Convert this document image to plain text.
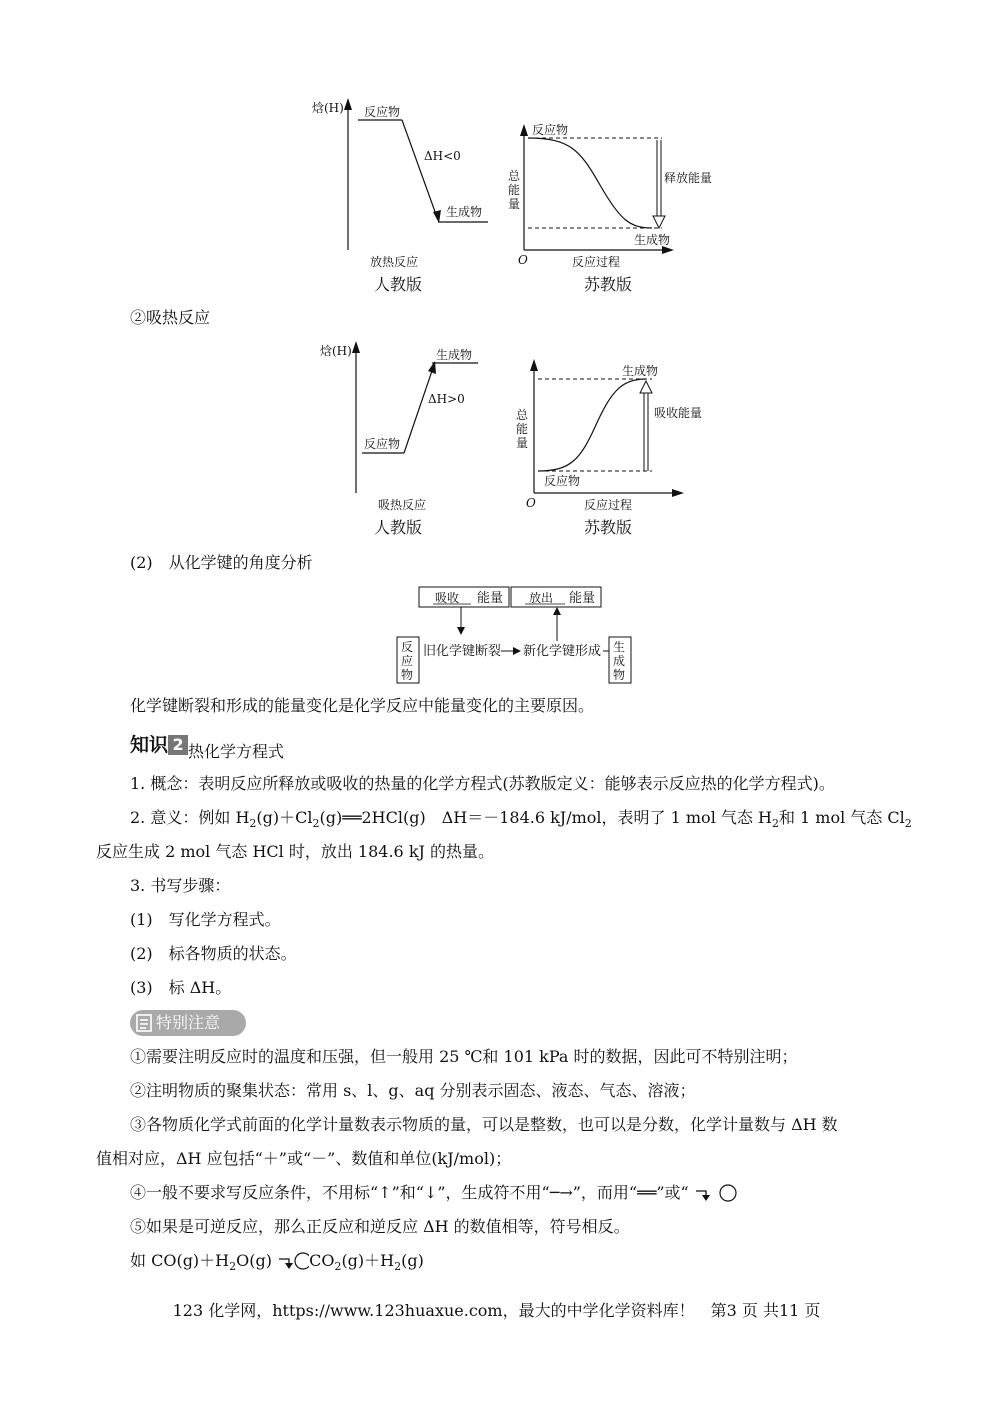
焓(H) 反应物
ΔH<0
生成物
放热反应
人教版
反应物
总能量
释放能量
生成物
O	反应过程
苏教版
②吸热反应
焓(H)	生成物
ΔH>0
反应物
吸热反应
人教版
总能量
生成物
吸收能量
反应物
O	反应过程
苏教版
(2)　从化学键的角度分析
吸收 能量 放出 能量
反应物
旧化学键断裂 新化学键形成 生成物
化学键断裂和形成的能量变化是化学反应中能量变化的主要原因。
知识 2 热化学方程式
1. 概念：表明反应所释放或吸收的热量的化学方程式(苏教版定义：能够表示反应热的化学方程式)。
2. 意义：例如 $H_2(g)+Cl_2(g)══2HCl(g)$　ΔH＝－184.6 kJ/mol，表明了 1 mol 气态 $H_2$和 1 mol 气态 $Cl_2$
反应生成 2 mol 气态 HCl 时，放出 184.6 kJ 的热量。
3. 书写步骤：
(1)　写化学方程式。
(2)　标各物质的状态。
(3)　标 ΔH。
特别注意
①需要注明反应时的温度和压强，但一般用 25 ℃和 101 kPa 时的数据，因此可不特别注明；
②注明物质的聚集状态：常用 s、l、g、aq 分别表示固态、液态、气态、溶液；
③各物质化学式前面的化学计量数表示物质的量，可以是整数，也可以是分数，化学计量数与 ΔH 数
值相对应，ΔH 应包括“＋”或“－”、数值和单位(kJ/mol)；
④一般不要求写反应条件，不用标“↑”和“↓”，生成符不用“─→”，而用“══”或“
⑤如果是可逆反应，那么正反应和逆反应 ΔH 的数值相等，符号相反。
如 $CO(g)+H_2O(g)$ $CO_2(g)+H_2(g)$
123 化学网，https://www.123huaxue.com，最大的中学化学资料库！　第3 页 共11 页
